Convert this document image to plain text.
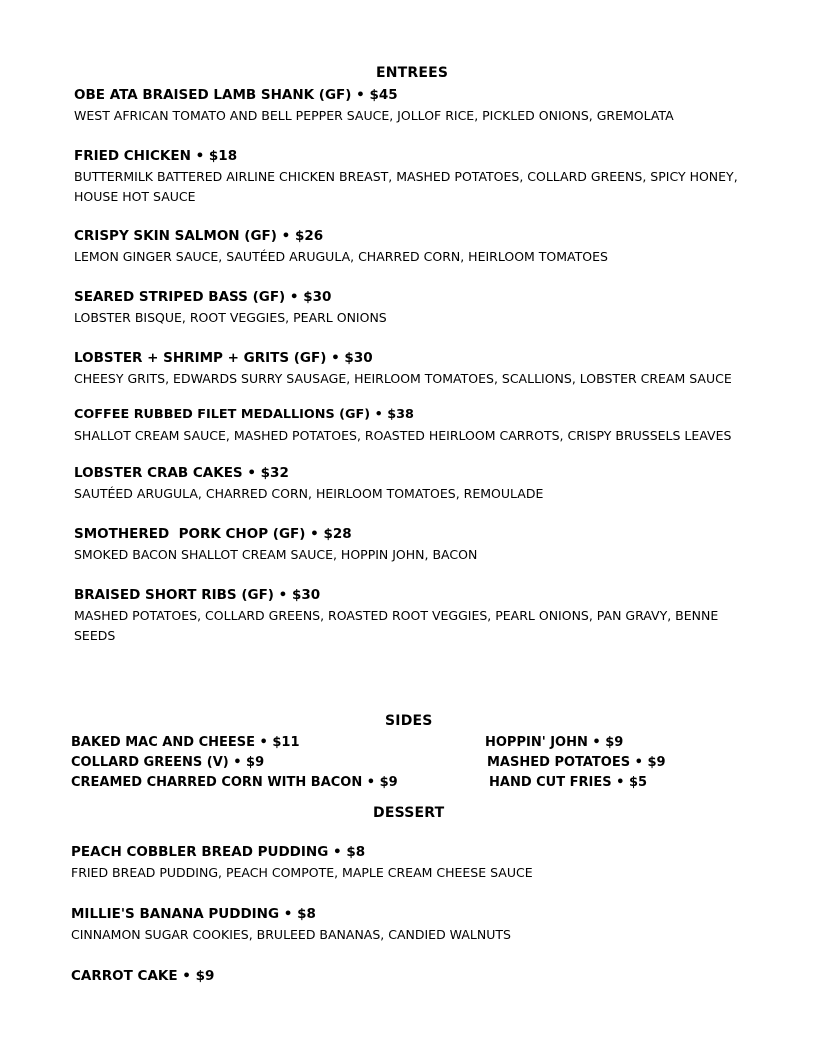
ENTREES
OBE ATA BRAISED LAMB SHANK (GF) • $45
WEST AFRICAN TOMATO AND BELL PEPPER SAUCE, JOLLOF RICE, PICKLED ONIONS, GREMOLATA
FRIED CHICKEN • $18
BUTTERMILK BATTERED AIRLINE CHICKEN BREAST, MASHED POTATOES, COLLARD GREENS, SPICY HONEY, HOUSE HOT SAUCE
CRISPY SKIN SALMON (GF) • $26
LEMON GINGER SAUCE, SAUTÉED ARUGULA, CHARRED CORN, HEIRLOOM TOMATOES
SEARED STRIPED BASS (GF) • $30
LOBSTER BISQUE, ROOT VEGGIES, PEARL ONIONS
LOBSTER + SHRIMP + GRITS (GF) • $30
CHEESY GRITS, EDWARDS SURRY SAUSAGE, HEIRLOOM TOMATOES, SCALLIONS, LOBSTER CREAM SAUCE
COFFEE RUBBED FILET MEDALLIONS (GF) • $38
SHALLOT CREAM SAUCE, MASHED POTATOES, ROASTED HEIRLOOM CARROTS, CRISPY BRUSSELS LEAVES
LOBSTER CRAB CAKES • $32
SAUTÉED ARUGULA, CHARRED CORN, HEIRLOOM TOMATOES, REMOULADE
SMOTHERED  PORK CHOP (GF) • $28
SMOKED BACON SHALLOT CREAM SAUCE, HOPPIN JOHN, BACON
BRAISED SHORT RIBS (GF) • $30
MASHED POTATOES, COLLARD GREENS, ROASTED ROOT VEGGIES, PEARL ONIONS, PAN GRAVY, BENNE SEEDS
SIDES
BAKED MAC AND CHEESE • $11
COLLARD GREENS (V) • $9
CREAMED CHARRED CORN WITH BACON • $9
HOPPIN' JOHN • $9
MASHED POTATOES • $9
HAND CUT FRIES • $5
DESSERT
PEACH COBBLER BREAD PUDDING • $8
FRIED BREAD PUDDING, PEACH COMPOTE, MAPLE CREAM CHEESE SAUCE
MILLIE'S BANANA PUDDING • $8
CINNAMON SUGAR COOKIES, BRULEED BANANAS, CANDIED WALNUTS
CARROT CAKE • $9
